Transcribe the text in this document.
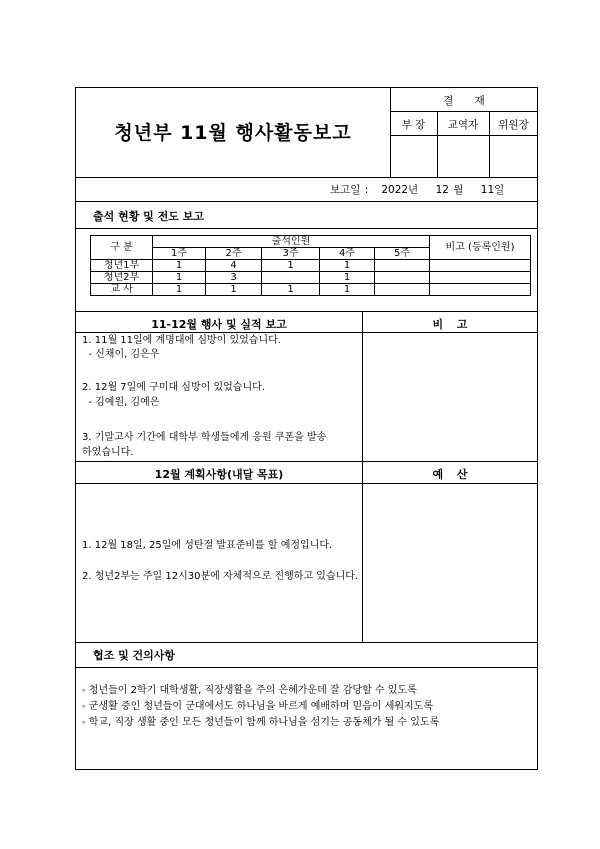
청년부 11월 행사활동보고
결 재
부 장	교역자	위원장
보고일 : 2022년 12 월 11일
출석 현황 및 전도 보고
구 분	출석인원					비고 (등록인원)
	1주	2주	3주	4주	5주	
청년1부	1	4	1	1		
청년2부	1	3		1		
교 사	1	1	1	1		
11-12월 행사 및 실적 보고	비 고
1. 11월 11일에 계명대에 심방이 있었습니다.
- 신채이, 김은우
2. 12월 7일에 구미대 심방이 있었습니다.
- 김예원, 김예은
3. 기말고사 기간에 대학부 학생들에게 응원 쿠폰을 발송
하였습니다.
12월 계획사항(내달 목표)	예 산
1. 12월 18일, 25일에 성탄절 발표준비를 할 예정입니다.
2. 청년2부는 주일 12시30분에 자체적으로 진행하고 있습니다.
협조 및 건의사항
- 청년들이 2학기 대학생활, 직장생활을 주의 은혜가운데 잘 감당할 수 있도록
- 군생활 중인 청년들이 군대에서도 하나님을 바르게 예배하며 믿음이 세워지도록
- 학교, 직장 생활 중인 모든 청년들이 함께 하나님을 섬기는 공동체가 될 수 있도록
